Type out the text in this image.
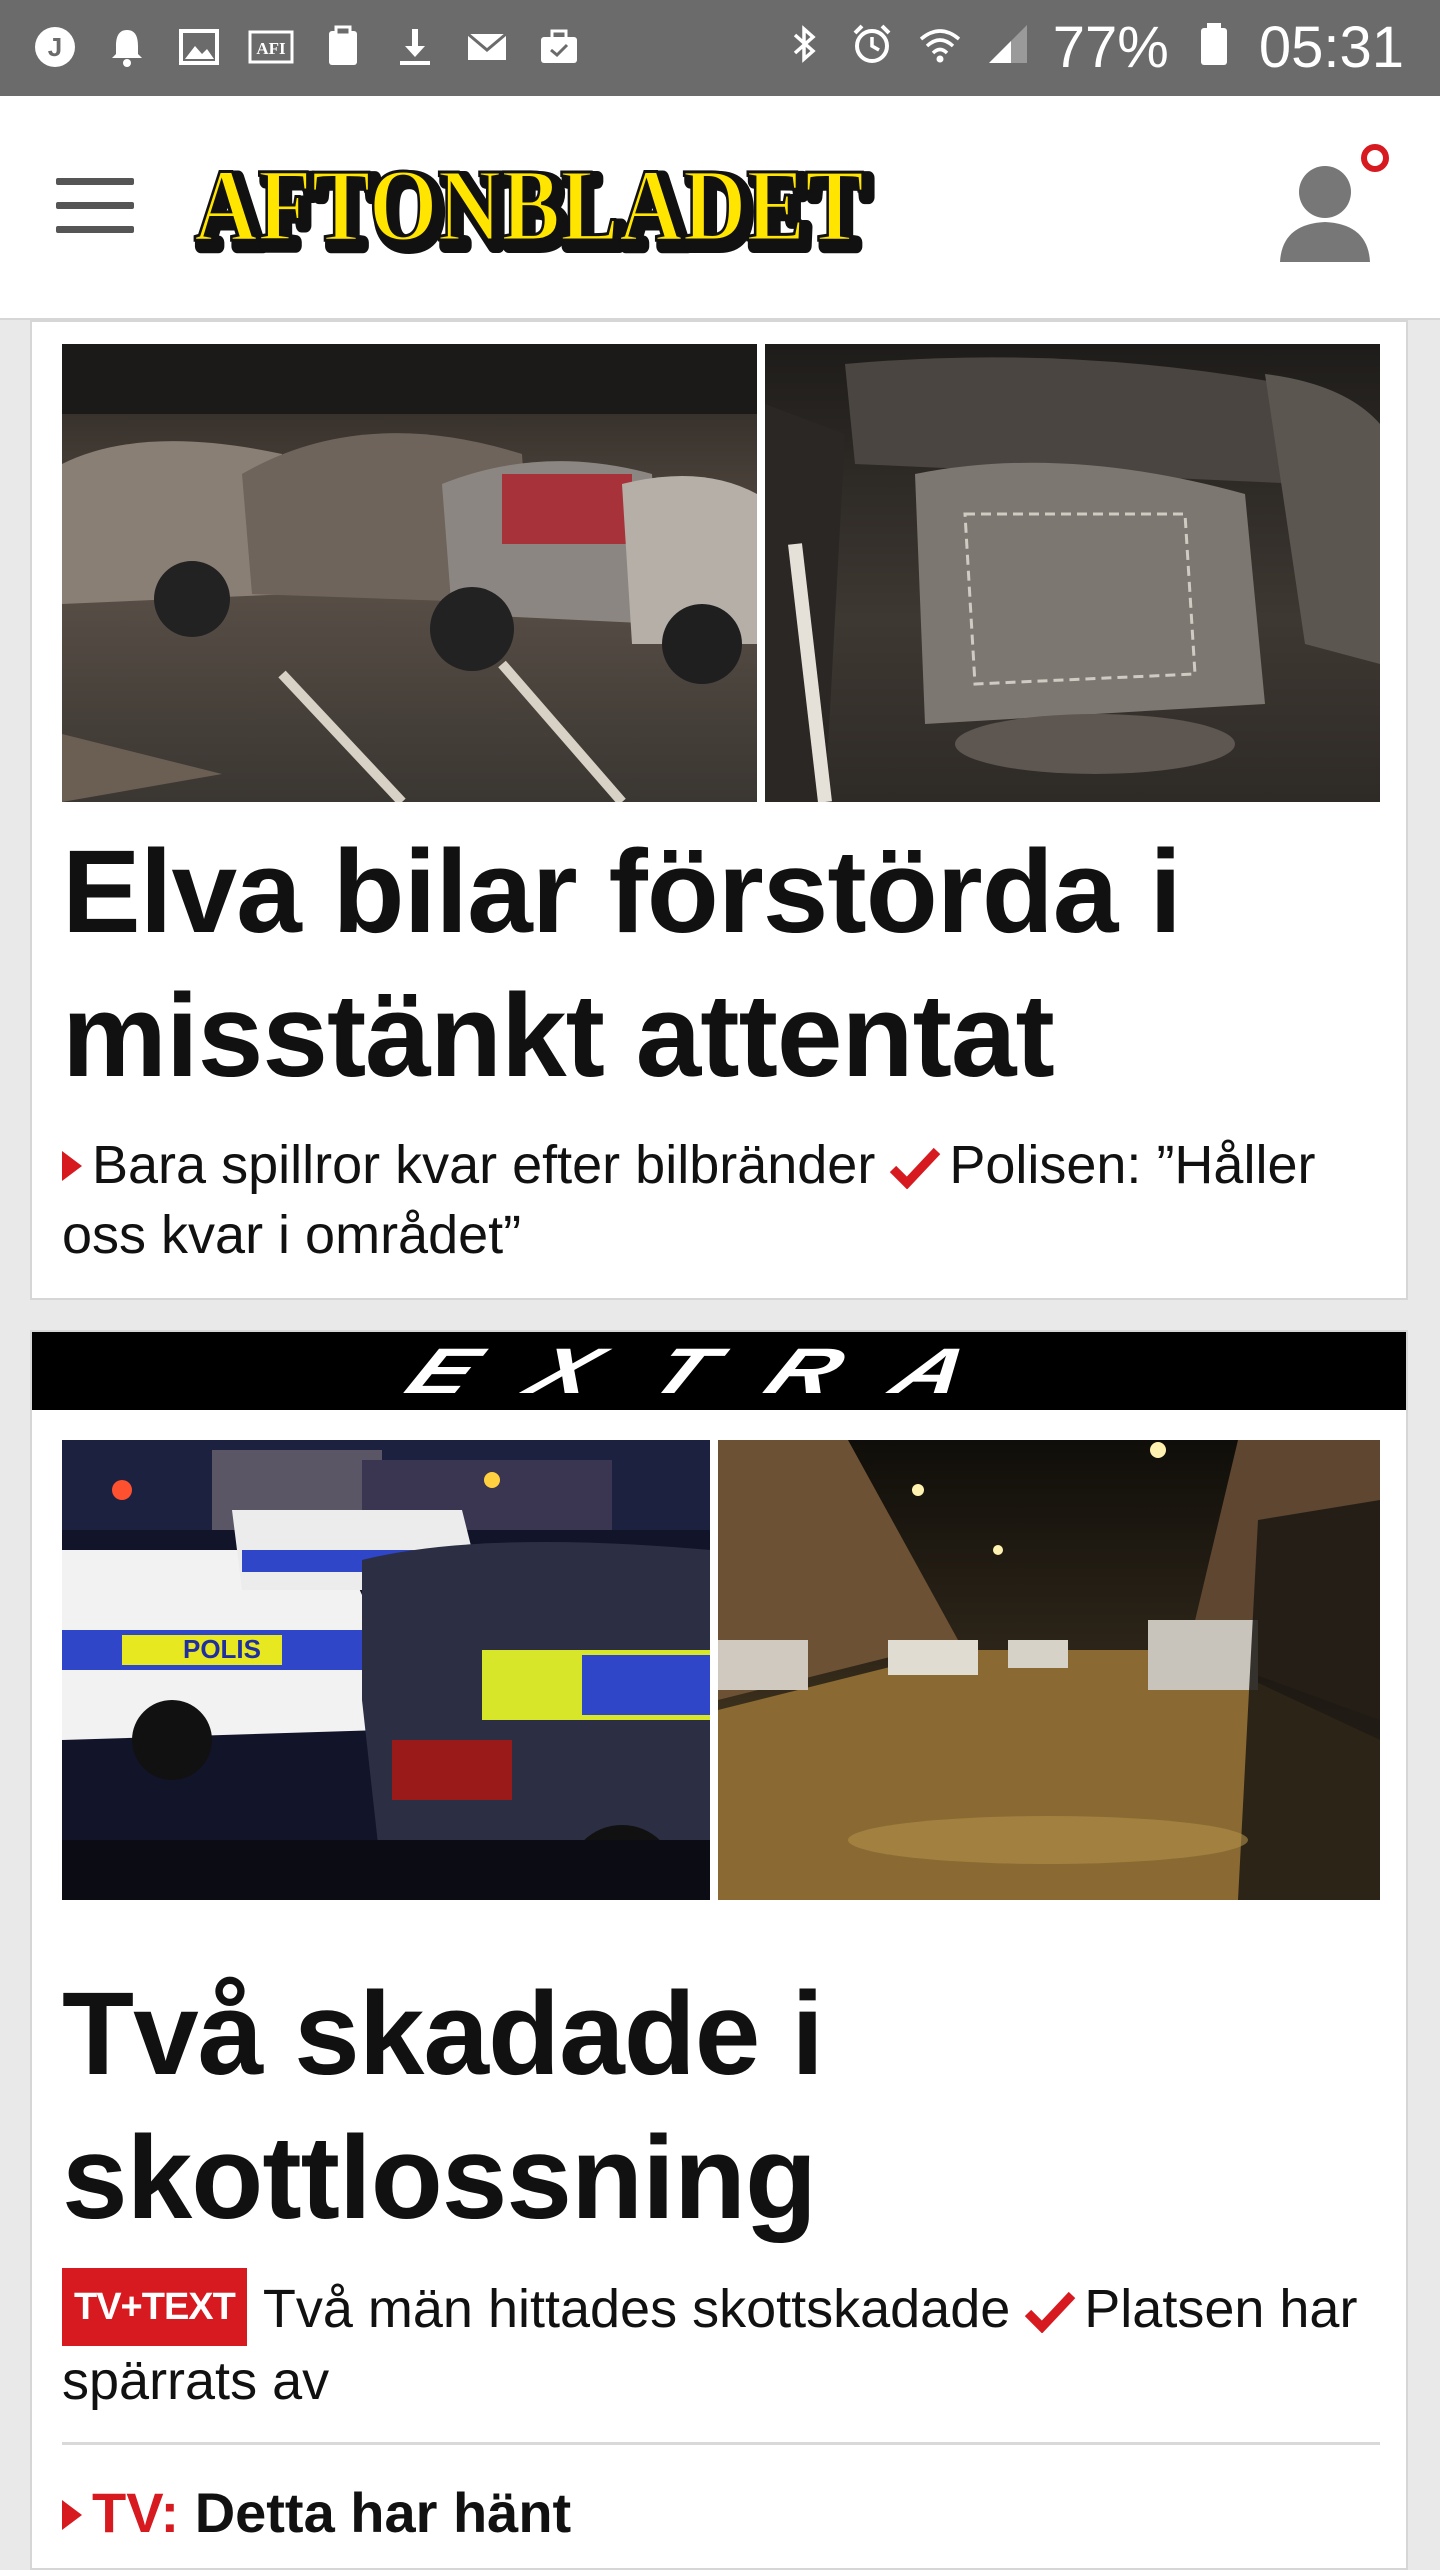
J	AFI	77% 05:31
AFTONBLADET
AFTONBLADET
Elva bilar förstörda i misstänkt attentat
Bara spillror kvar efter bilbränder Polisen: ”Håller oss kvar i området”
EXTRA
POLIS
Två skadade i skottlossning
TV+TEXT Två män hittades skottskadade Platsen har spärrats av
TV: Detta har hänt
